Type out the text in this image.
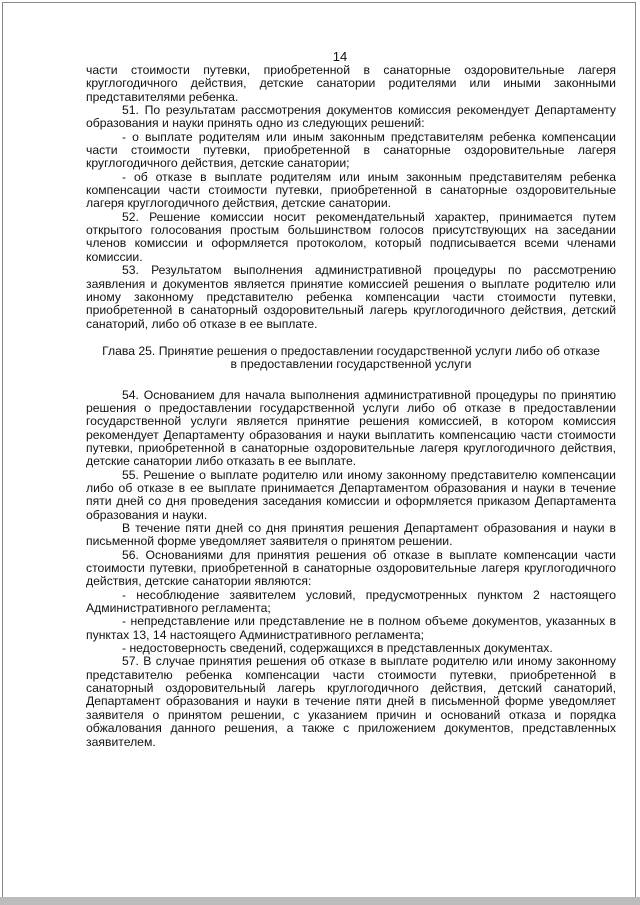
14

части стоимости путевки, приобретенной в санаторные оздоровительные лагеря круглогодичного действия, детские санатории родителями или иными законными представителями ребенка.

51. По результатам рассмотрения документов комиссия рекомендует Департаменту образования и науки принять одно из следующих решений:

- о выплате родителям или иным законным представителям ребенка компенсации части стоимости путевки, приобретенной в санаторные оздоровительные лагеря круглогодичного действия, детские санатории;

- об отказе в выплате родителям или иным законным представителям ребенка компенсации части стоимости путевки, приобретенной в санаторные оздоровительные лагеря круглогодичного действия, детские санатории.

52. Решение комиссии носит рекомендательный характер, принимается путем открытого голосования простым большинством голосов присутствующих на заседании членов комиссии и оформляется протоколом, который подписывается всеми членами комиссии.

53. Результатом выполнения административной процедуры по рассмотрению заявления и документов является принятие комиссией решения о выплате родителю или иному законному представителю ребенка компенсации части стоимости путевки, приобретенной в санаторный оздоровительный лагерь круглогодичного действия, детский санаторий, либо об отказе в ее выплате.

Глава 25. Принятие решения о предоставлении государственной услуги либо об отказе
в предоставлении государственной услуги

54. Основанием для начала выполнения административной процедуры по принятию решения о предоставлении государственной услуги либо об отказе в предоставлении государственной услуги является принятие решения комиссией, в котором комиссия рекомендует Департаменту образования и науки выплатить компенсацию части стоимости путевки, приобретенной в санаторные оздоровительные лагеря круглогодичного действия, детские санатории либо отказать в ее выплате.

55. Решение о выплате родителю или иному законному представителю компенсации либо об отказе в ее выплате принимается Департаментом образования и науки в течение пяти дней со дня проведения заседания комиссии и оформляется приказом Департамента образования и науки.

В течение пяти дней со дня принятия решения Департамент образования и науки в письменной форме уведомляет заявителя о принятом решении.

56. Основаниями для принятия решения об отказе в выплате компенсации части стоимости путевки, приобретенной в санаторные оздоровительные лагеря круглогодичного действия, детские санатории являются:

- несоблюдение заявителем условий, предусмотренных пунктом 2 настоящего Административного регламента;

- непредставление или представление не в полном объеме документов, указанных в пунктах 13, 14 настоящего Административного регламента;

- недостоверность сведений, содержащихся в представленных документах.

57. В случае принятия решения об отказе в выплате родителю или иному законному представителю ребенка компенсации части стоимости путевки, приобретенной в санаторный оздоровительный лагерь круглогодичного действия, детский санаторий, Департамент образования и науки в течение пяти дней в письменной форме уведомляет заявителя о принятом решении, с указанием причин и оснований отказа и порядка обжалования данного решения, а также с приложением документов, представленных заявителем.
